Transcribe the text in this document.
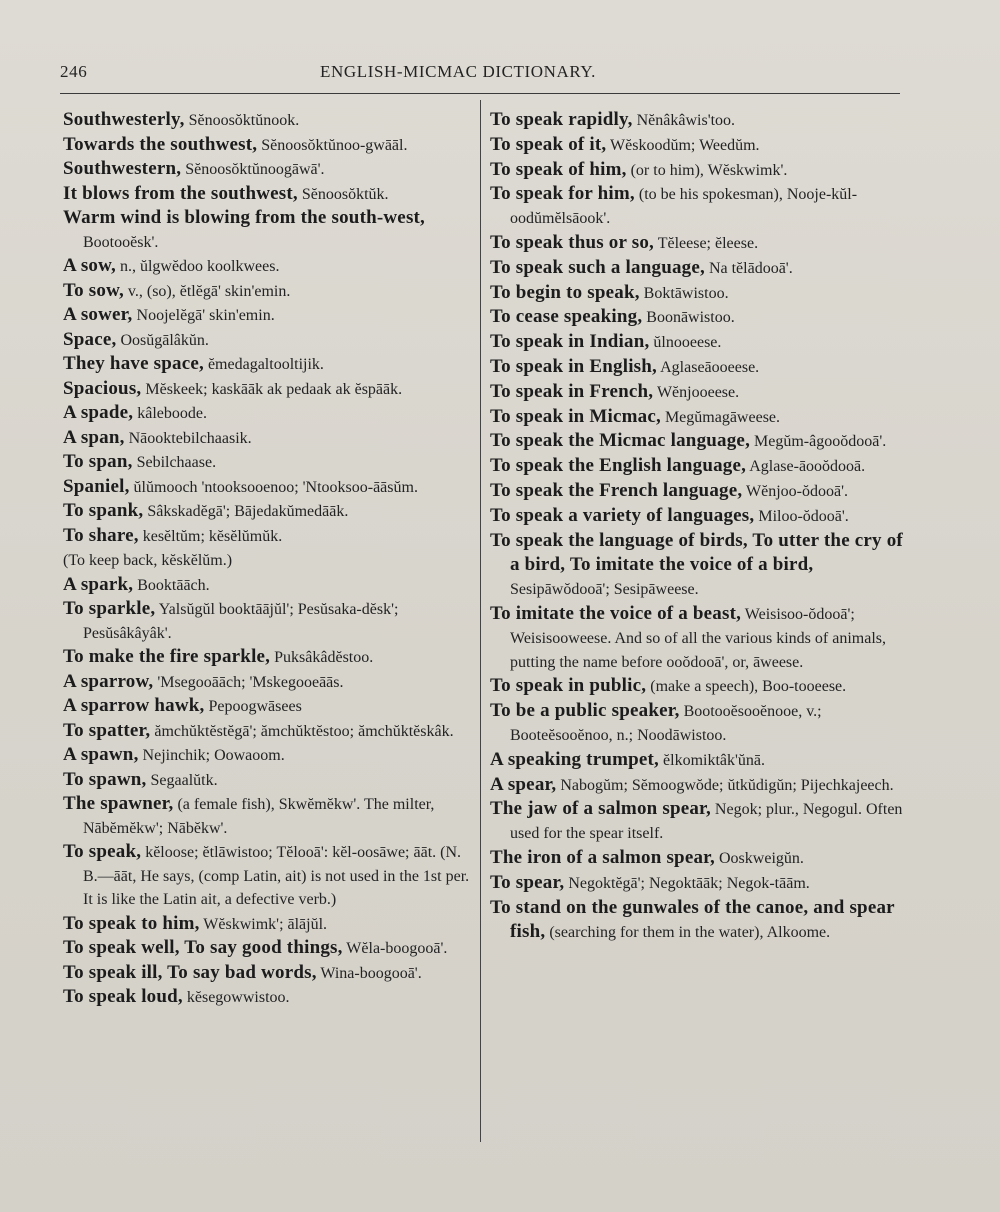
246	ENGLISH-MICMAC DICTIONARY.

Southwesterly, Sĕnoosŏktŭnook.

Towards the southwest, Sĕnoosŏktŭnoo-gwāāl.

Southwestern, Sĕnoosŏktŭnoogāwā'.

It blows from the southwest, Sĕnoosŏktŭk.

Warm wind is blowing from the south-west, Bootooĕsk'.

A sow, n., ŭlgwĕdoo koolkwees.

To sow, v., (so), ĕtlĕgā' skin'emin.

A sower, Noojelĕgā' skin'emin.

Space, Oosŭgālâkŭn.

They have space, ĕmedagaltooltijik.

Spacious, Mĕskeek; kaskāāk ak pedaak ak ĕspāāk.

A spade, kâleboode.

A span, Nāooktebilchaasik.

To span, Sebilchaase.

Spaniel, ŭlŭmooch 'ntooksooenoo; 'Ntooksoo-āāsŭm.

To spank, Sâkskadĕgā'; Bājedakŭmedāāk.

To share, kesĕltŭm; kĕsĕlŭmŭk.

(To keep back, kĕskĕlŭm.)

A spark, Booktāāch.

To sparkle, Yalsŭgŭl booktāājŭl'; Pesŭsaka-dĕsk'; Pesŭsâkâyâk'.

To make the fire sparkle, Puksâkâdĕstoo.

A sparrow, 'Msegooāāch; 'Mskegooeāās.

A sparrow hawk, Pepoogwāsees

To spatter, ămchŭktĕstĕgā'; ămchŭktĕstoo; ămchŭktĕskâk.

A spawn, Nejinchik; Oowaoom.

To spawn, Segaalŭtk.

The spawner, (a female fish), Skwĕmĕkw'. The milter, Nābĕmĕkw'; Nābĕkw'.

To speak, kĕloose; ĕtlāwistoo; Tĕlooā': kĕl-oosāwe; āāt. (N. B.—āāt, He says, (comp Latin, ait) is not used in the 1st per. It is like the Latin ait, a defective verb.)

To speak to him, Wĕskwimk'; ālājŭl.

To speak well, To say good things, Wĕla-boogooā'.

To speak ill, To say bad words, Wina-boogooā'.

To speak loud, kĕsegowwistoo.

To speak rapidly, Nĕnâkâwis'too.

To speak of it, Wĕskoodŭm; Weedŭm.

To speak of him, (or to him), Wĕskwimk'.

To speak for him, (to be his spokesman), Nooje-kŭl-oodŭmĕlsāook'.

To speak thus or so, Tĕleese; ĕleese.

To speak such a language, Na tĕlādooā'.

To begin to speak, Boktāwistoo.

To cease speaking, Boonāwistoo.

To speak in Indian, ŭlnooeese.

To speak in English, Aglaseāooeese.

To speak in French, Wĕnjooeese.

To speak in Micmac, Megŭmagāweese.

To speak the Micmac language, Megŭm-âgooŏdooā'.

To speak the English language, Aglase-āooŏdooā.

To speak the French language, Wĕnjoo-ŏdooā'.

To speak a variety of languages, Miloo-ŏdooā'.

To speak the language of birds, To utter the cry of a bird, To imitate the voice of a bird, Sesipāwŏdooā'; Sesipāweese.

To imitate the voice of a beast, Weisisoo-ŏdooā'; Weisisooweese. And so of all the various kinds of animals, putting the name before ooŏdooā', or, āweese.

To speak in public, (make a speech), Boo-tooeese.

To be a public speaker, Bootooĕsooĕnooe, v.; Booteĕsooĕnoo, n.; Noodāwistoo.

A speaking trumpet, ĕlkomiktâk'ŭnā.

A spear, Nabogŭm; Sĕmoogwŏde; ŭtkŭdigŭn; Pijechkajeech.

The jaw of a salmon spear, Negok; plur., Negogul. Often used for the spear itself.

The iron of a salmon spear, Ooskweigŭn.

To spear, Negoktĕgā'; Negoktāāk; Negok-tāām.

To stand on the gunwales of the canoe, and spear fish, (searching for them in the water), Alkoome.
